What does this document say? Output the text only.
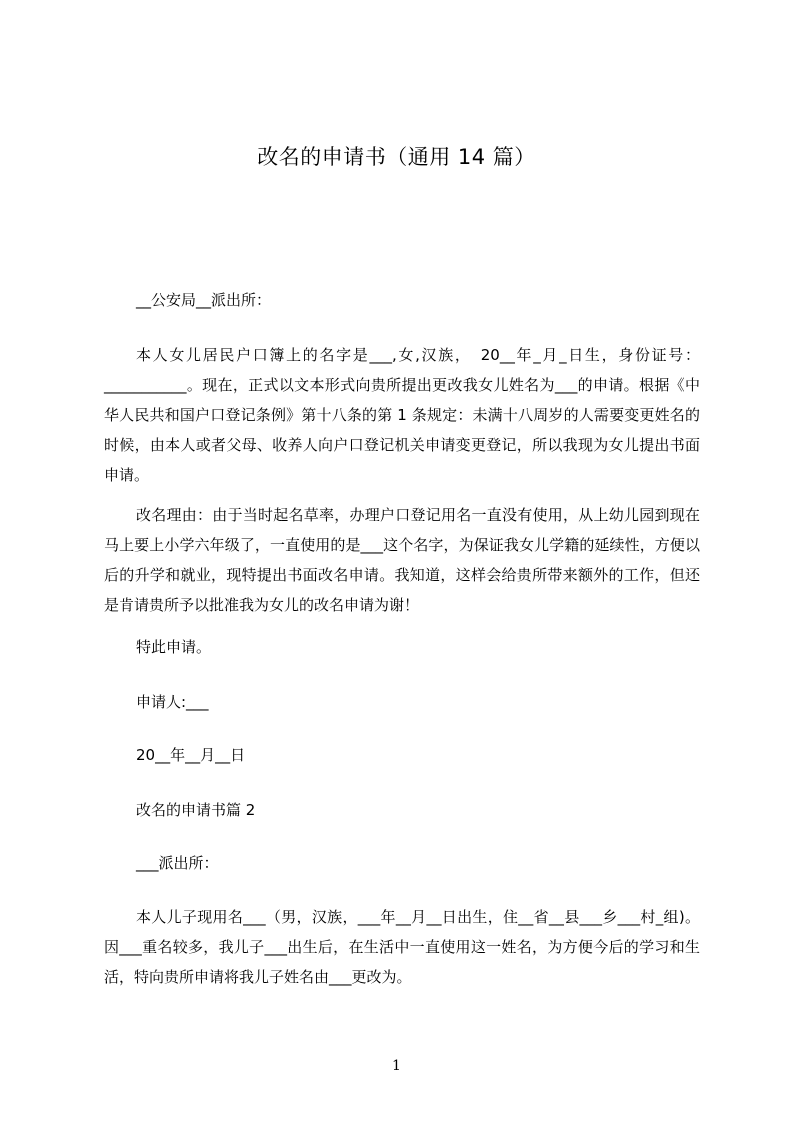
改名的申请书（通用 14 篇）
__公安局__派出所：
本人女儿居民户口簿上的名字是___,女,汉族，　20__年_月_日生，身份证号：___________。现在，正式以文本形式向贵所提出更改我女儿姓名为___的申请。根据《中华人民共和国户口登记条例》第十八条的第 1 条规定：未满十八周岁的人需要变更姓名的时候，由本人或者父母、收养人向户口登记机关申请变更登记，所以我现为女儿提出书面申请。
改名理由：由于当时起名草率，办理户口登记用名一直没有使用，从上幼儿园到现在马上要上小学六年级了，一直使用的是___这个名字，为保证我女儿学籍的延续性，方便以后的升学和就业，现特提出书面改名申请。我知道，这样会给贵所带来额外的工作，但还是肯请贵所予以批准我为女儿的改名申请为谢！
特此申请。
申请人:___
20__年__月__日
改名的申请书篇 2
___派出所：
本人儿子现用名___（男，汉族，___年__月__日出生，住__省__县___乡___村_组)。因___重名较多，我儿子___出生后，在生活中一直使用这一姓名，为方便今后的学习和生活，特向贵所申请将我儿子姓名由___更改为。
1
